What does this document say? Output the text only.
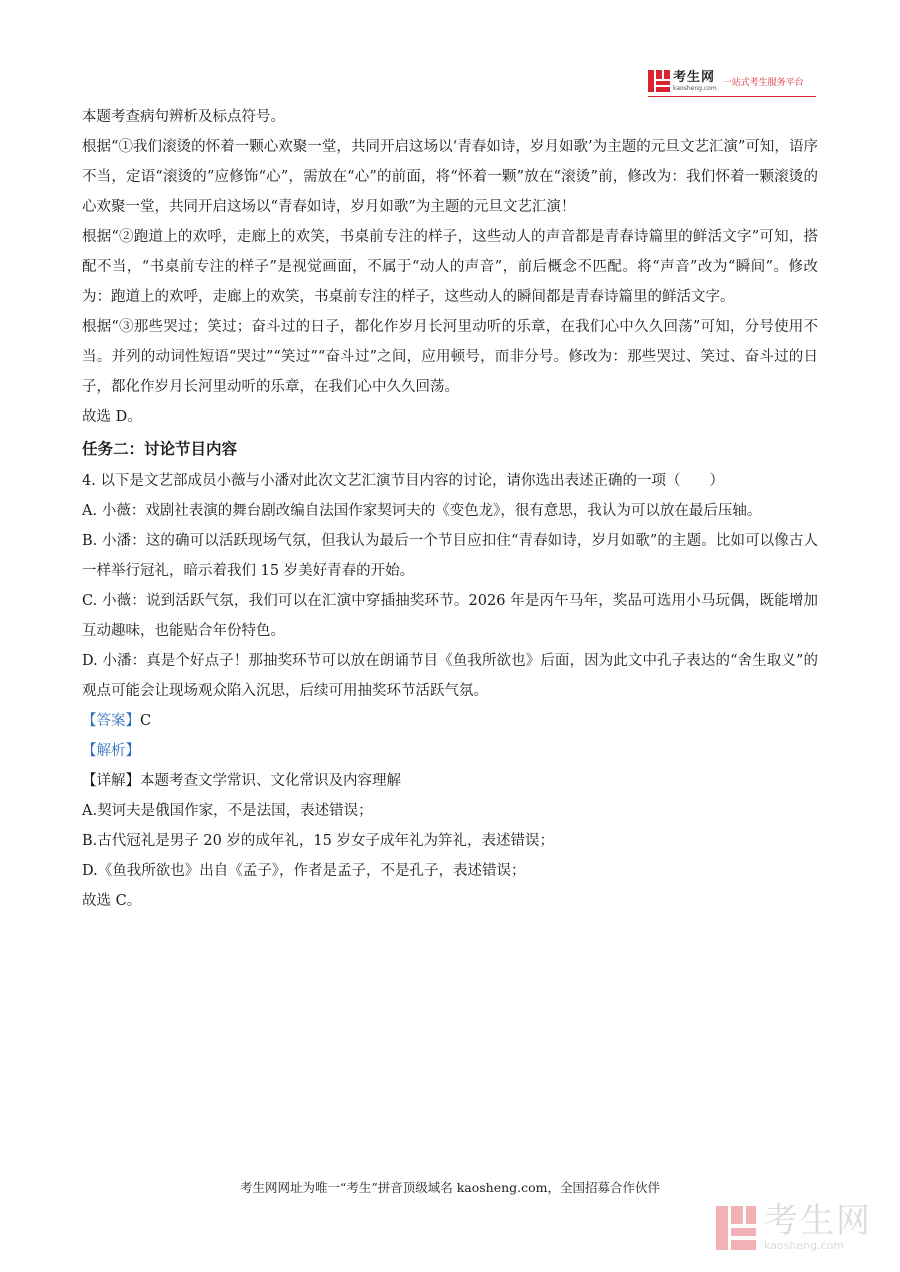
考生网
kaosheng.com
一站式考生服务平台

本题考查病句辨析及标点符号。

根据“①我们滚烫的怀着一颗心欢聚一堂，共同开启这场以‘青春如诗，岁月如歌’为主题的元旦文艺汇演”可知，语序不当，定语“滚烫的”应修饰“心”，需放在“心”的前面，将“怀着一颗”放在“滚烫”前，修改为：我们怀着一颗滚烫的心欢聚一堂，共同开启这场以“青春如诗，岁月如歌”为主题的元旦文艺汇演！

根据“②跑道上的欢呼，走廊上的欢笑，书桌前专注的样子，这些动人的声音都是青春诗篇里的鲜活文字”可知，搭配不当，“书桌前专注的样子”是视觉画面，不属于“动人的声音”，前后概念不匹配。将“声音”改为“瞬间”。修改为：跑道上的欢呼，走廊上的欢笑，书桌前专注的样子，这些动人的瞬间都是青春诗篇里的鲜活文字。

根据“③那些哭过；笑过；奋斗过的日子，都化作岁月长河里动听的乐章，在我们心中久久回荡”可知，分号使用不当。并列的动词性短语“哭过”“笑过”“奋斗过”之间，应用顿号，而非分号。修改为：那些哭过、笑过、奋斗过的日子，都化作岁月长河里动听的乐章，在我们心中久久回荡。

故选 D。

任务二：讨论节目内容

4. 以下是文艺部成员小薇与小潘对此次文艺汇演节目内容的讨论，请你选出表述正确的一项（　　）

A. 小薇：戏剧社表演的舞台剧改编自法国作家契诃夫的《变色龙》，很有意思，我认为可以放在最后压轴。

B. 小潘：这的确可以活跃现场气氛，但我认为最后一个节目应扣住“青春如诗，岁月如歌”的主题。比如可以像古人一样举行冠礼，暗示着我们 15 岁美好青春的开始。

C. 小薇：说到活跃气氛，我们可以在汇演中穿插抽奖环节。2026 年是丙午马年，奖品可选用小马玩偶，既能增加互动趣味，也能贴合年份特色。

D. 小潘：真是个好点子！那抽奖环节可以放在朗诵节目《鱼我所欲也》后面，因为此文中孔子表达的“舍生取义”的观点可能会让现场观众陷入沉思，后续可用抽奖环节活跃气氛。

【答案】C

【解析】

【详解】本题考查文学常识、文化常识及内容理解

A.契诃夫是俄国作家，不是法国，表述错误；

B.古代冠礼是男子 20 岁的成年礼，15 岁女子成年礼为笄礼，表述错误；

D.《鱼我所欲也》出自《孟子》，作者是孟子，不是孔子，表述错误；

故选 C。

考生网网址为唯一“考生”拼音顶级域名 kaosheng.com，全国招募合作伙伴
考生网
kaosheng.com
